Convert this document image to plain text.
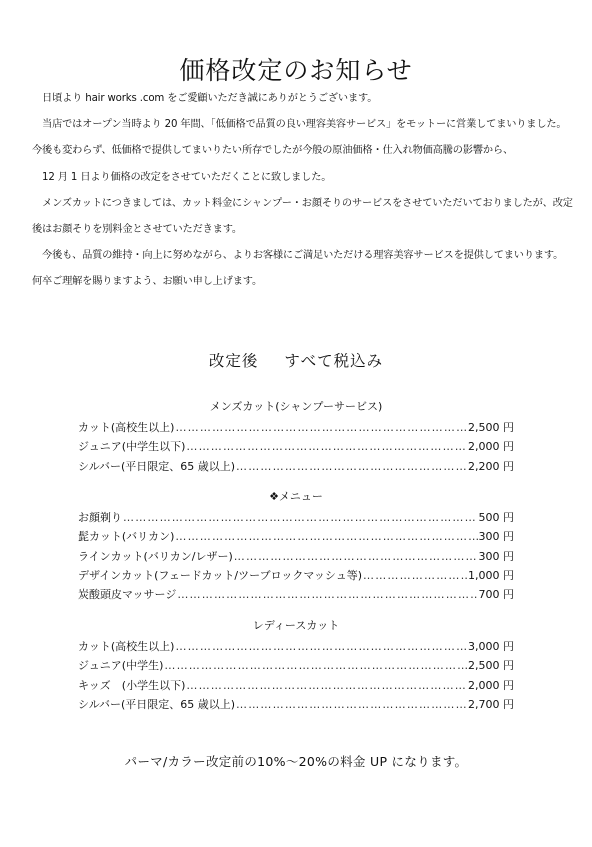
価格改定のお知らせ

　日頃より hair works .com をご愛顧いただき誠にありがとうございます。

　当店ではオープン当時より 20 年間、「低価格で品質の良い理容美容サービス」をモットーに営業してまいりました。

今後も変わらず、低価格で提供してまいりたい所存でしたが今般の原油価格・仕入れ物価高騰の影響から、

　12 月 1 日より価格の改定をさせていただくことに致しました。

　メンズカットにつきましては、カット料金にシャンプー・お顔そりのサービスをさせていただいておりましたが、改定

後はお顔そりを別料金とさせていただきます。

　今後も、品質の維持・向上に努めながら、よりお客様にご満足いただける理容美容サービスを提供してまいります。

何卒ご理解を賜りますよう、お願い申し上げます。

改定後 すべて税込み
メンズカット(シャンプーサービス)
カット(高校生以上) …………………………………………………………………………………………………………………………………………………………	2,500 円
ジュニア(中学生以下) …………………………………………………………………………………………………………………………………………………………	2,000 円
シルバー(平日限定、65 歳以上) …………………………………………………………………………………………………………………………………………………………	2,200 円
❖メニュー
お顔剃り …………………………………………………………………………………………………………………………………………………………	500 円
髭カット(バリカン) …………………………………………………………………………………………………………………………………………………………	300 円
ラインカット(バリカン/レザー) …………………………………………………………………………………………………………………………………………………………	300 円
デザインカット(フェードカット/ツーブロックマッシュ等) …………………………………………………………………………………………………………………………………………………………	1,000 円
炭酸頭皮マッサージ …………………………………………………………………………………………………………………………………………………………	700 円
レディースカット
カット(高校生以上) …………………………………………………………………………………………………………………………………………………………	3,000 円
ジュニア(中学生) …………………………………………………………………………………………………………………………………………………………	2,500 円
キッズ　(小学生以下) …………………………………………………………………………………………………………………………………………………………	2,000 円
シルバー(平日限定、65 歳以上) …………………………………………………………………………………………………………………………………………………………	2,700 円
パーマ/カラー改定前の10%～20%の料金 UP になります。
